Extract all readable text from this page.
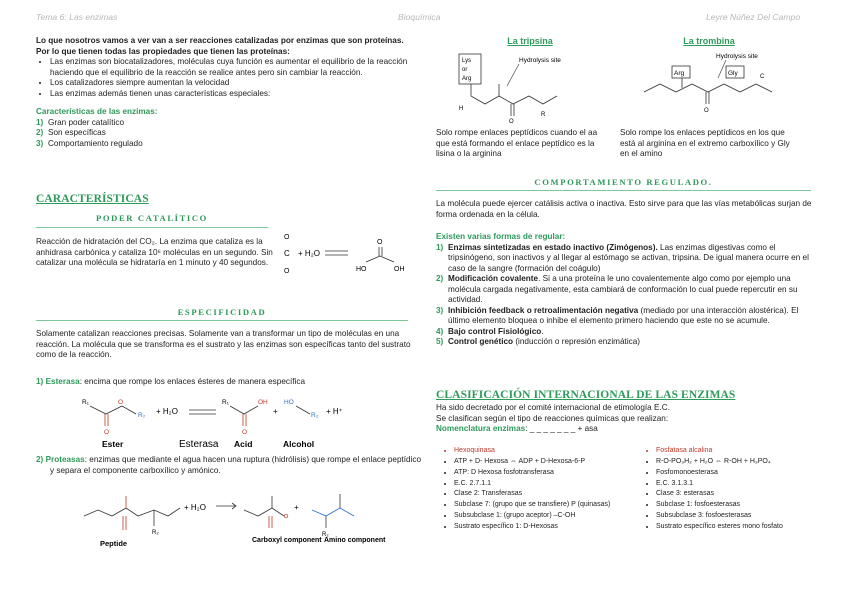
Tema 6: Las enzimas	Bioquímica	Leyre Núñez Del Campo
Lo que nosotros vamos a ver van a ser reacciones catalizadas por enzimas que son proteínas. Por lo que tienen todas las propiedades que tienen las proteínas:
• Las enzimas son biocatalizadores, moléculas cuya función es aumentar el equilibrio de la reacción haciendo que el equilibrio de la reacción se realice antes pero sin cambiar la reacción.
• Los catalizadores siempre aumentan la velocidad
• Las enzimas además tienen unas características especiales:
Características de las enzimas:
1) Gran poder catalítico
2) Son específicas
3) Comportamiento regulado
CARACTERÍSTICAS
PODER CATALÍTICO
Reacción de hidratación del CO₂. La enzima que cataliza es la anhidrasa carbónica y cataliza 10⁶ moléculas en un segundo. Sin catalizar una molécula se hidrataría en 1 minuto y 40 segundos.
O
C + H₂O
O
O
HO	OH
ESPECIFICIDAD
Solamente catalizan reacciones precisas. Solamente van a transformar un tipo de moléculas en una reacción. La molécula que se transforma es el sustrato y las enzimas son específicas tanto del sustrato como de la reacción.
1) Esterasa: encima que rompe los enlaces ésteres de manera específica
R₁	O
R₂
O
+ H₂O
R₁	OH
O
+
HO
R₂ + H⁺
Ester	Esterasa Acid	Alcohol
2) Proteasas: enzimas que mediante el agua hacen una ruptura (hidrólisis) que rompe el enlace peptídico y separa el componente carboxílico y amónico.
R₂
Peptide
+ H₂O
Carboxyl component
+
R₂
Amino component
La tripsina	La trombina
Lys
or
Arg
Hydrolysis site
O
R
H
Hydrolysis site
Arg	Gly
O
C
Solo rompe enlaces peptídicos cuando el aa que está formando el enlace peptídico es la lisina o la arginina
Solo rompe los enlaces peptídicos en los que está al arginina en el extremo carboxílico y Gly en el amino
COMPORTAMIENTO REGULADO.
La molécula puede ejercer catálisis activa o inactiva. Esto sirve para que las vías metabólicas surjan de forma ordenada en la célula.
Existen varias formas de regular:
1) Enzimas sintetizadas en estado inactivo (Zimógenos). Las enzimas digestivas como el tripsinógeno, son inactivos y al llegar al estómago se activan, tripsina. De igual manera ocurre en el caso de la sangre (formación del coágulo)
2) Modificación covalente. Si a una proteína le uno covalentemente algo como por ejemplo una molécula cargada negativamente, esta cambiará de conformación lo cual puede repercutir en su actividad.
3) Inhibición feedback o retroalimentación negativa (mediado por una interacción alostérica). El último elemento bloquea o inhibe el elemento primero haciendo que este no se acumule.
4) Bajo control Fisiológico.
5) Control genético (inducción o represión enzimática)
CLASIFICACIÓN INTERNACIONAL DE LAS ENZIMAS
Ha sido decretado por el comité internacional de etimología E.C.
Se clasifican según el tipo de reacciones químicas que realizan:
Nomenclatura enzimas: _ _ _ _ _ _ _ + asa
• Hexoquinasa
• ATP + D- Hexosa ⇔ ADP + D-Hexosa-6-P
• ATP: D Hexosa fosfotransferasa
• E.C. 2.7.1.1
• Clase 2: Transferasas
• Subclase 7: (grupo que se transfiere) P (quinasas)
• Subsubclase 1: (grupo aceptor) –C-OH
• Sustrato específico 1: D-Hexosas
• Fosfatasa alcalina
• R-O-PO₃H₂ + H₂O ⇔ R-OH + H₃PO₄
• Fosfomonoesterasa
• E.C. 3.1.3.1
• Clase 3: esterasas
• Subclase 1: fosfoesterasas
• Subsubclase 3: fosfoesterasas
• Sustrato específico esteres mono fosfato
